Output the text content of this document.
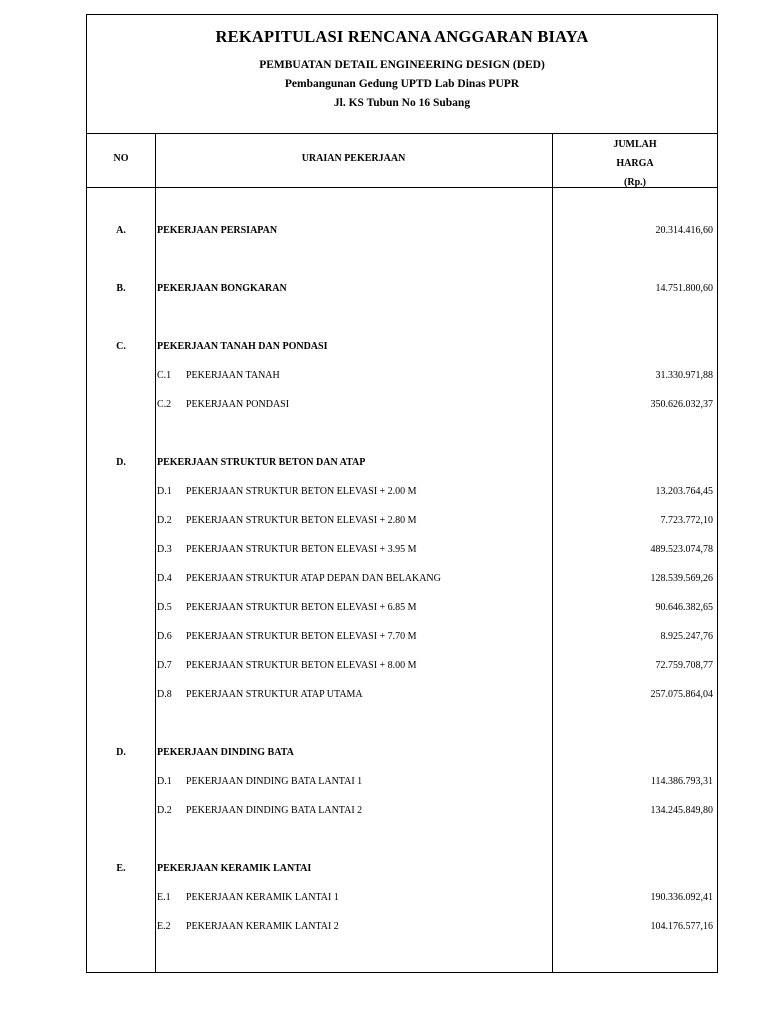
REKAPITULASI RENCANA ANGGARAN BIAYA
PEMBUATAN DETAIL ENGINEERING DESIGN (DED)
Pembangunan Gedung UPTD Lab Dinas PUPR
Jl. KS Tubun No 16 Subang
NO	URAIAN PEKERJAAN
JUMLAH
HARGA
(Rp.)
A.	PEKERJAAN PERSIAPAN	20.314.416,60
B.	PEKERJAAN BONGKARAN	14.751.800,60
C.	PEKERJAAN TANAH DAN PONDASI
C.1 PEKERJAAN TANAH	31.330.971,88
C.2 PEKERJAAN PONDASI	350.626.032,37
D.	PEKERJAAN STRUKTUR BETON DAN ATAP
D.1 PEKERJAAN STRUKTUR BETON ELEVASI + 2.00 M	13.203.764,45
D.2 PEKERJAAN STRUKTUR BETON ELEVASI + 2.80 M	7.723.772,10
D.3 PEKERJAAN STRUKTUR BETON ELEVASI + 3.95 M	489.523.074,78
D.4 PEKERJAAN STRUKTUR ATAP DEPAN DAN BELAKANG	128.539.569,26
D.5 PEKERJAAN STRUKTUR BETON ELEVASI + 6.85 M	90.646.382,65
D.6 PEKERJAAN STRUKTUR BETON ELEVASI + 7.70 M	8.925.247,76
D.7 PEKERJAAN STRUKTUR BETON ELEVASI + 8.00 M	72.759.708,77
D.8 PEKERJAAN STRUKTUR ATAP UTAMA	257.075.864,04
D.	PEKERJAAN DINDING BATA
D.1 PEKERJAAN DINDING BATA LANTAI 1	114.386.793,31
D.2 PEKERJAAN DINDING BATA LANTAI 2	134.245.849,80
E.	PEKERJAAN KERAMIK LANTAI
E.1 PEKERJAAN KERAMIK LANTAI 1	190.336.092,41
E.2 PEKERJAAN KERAMIK LANTAI 2	104.176.577,16
